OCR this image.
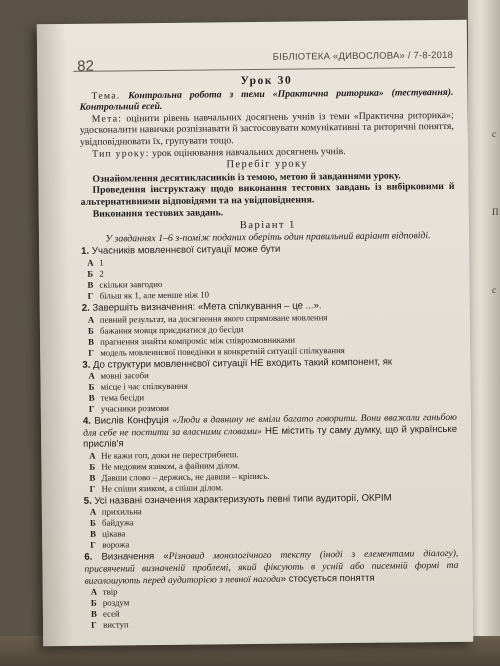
с
П
с
82
БІБЛІОТЕКА «ДИВОСЛОВА» / 7-8-2018
Урок 30
Тема. Контрольна робота з теми «Практична риторика» (тестування). Контрольний есей.
Мета: оцінити рівень навчальних досягнень учнів із теми «Практична риторика»; удосконалити навички розпізнавати й застосовувати комунікативні та риторичні поняття, увідповіднювати їх, групувати тощо.
Тип уроку: урок оцінювання навчальних досягнень учнів.
Перебіг уроку
Ознайомлення десятикласників із темою, метою й завданнями уроку.
Проведення інструктажу щодо виконання тестових завдань із вибірковими й альтернативними відповідями та на увідповіднення.
Виконання тестових завдань.
Варіант 1
У завданнях 1–6 з-поміж поданих оберіть один правильний варіант відповіді.
1. Учасників мовленнєвої ситуації може бути
А 1
Б 2
В скільки завгодно
Г більш як 1, але менше ніж 10
2. Завершіть визначення: «Мета спілкування – це ...».
А певний результат, на досягнення якого спрямоване мовлення
Б бажання мовця приєднатися до бесіди
В прагнення знайти компроміс між співрозмовниками
Г модель мовленнєвої поведінки в конкретній ситуації спілкування
3. До структури мовленнєвої ситуації НЕ входить такий компонент, як
А мовні засоби
Б місце і час спілкування
В тема бесіди
Г учасники розмови
4. Вислів Конфуція «Люди в давнину не вміли багато говорити. Вони вважали ганьбою для себе не постити за власними словами» НЕ містить ту саму думку, що й українське прислів'я
А Не кажи гоп, доки не перестрибнеш.
Б Не медовим язиком, а файним ділом.
В Давши слово – держись, не давши – кріпись.
Г Не спіши язиком, а спіши ділом.
5. Усі названі означення характеризують певні типи аудиторії, ОКРІМ
А прихильна
Б байдужа
В цікава
Г ворожа
6. Визначення «Різновид монологічного тексту (іноді з елементами діалогу), присвячений визначеній проблемі, який фіксують в усній або писемній формі та виголошують перед аудиторією з певної нагоди» стосується поняття
А твір
Б роздум
В есей
Г виступ
